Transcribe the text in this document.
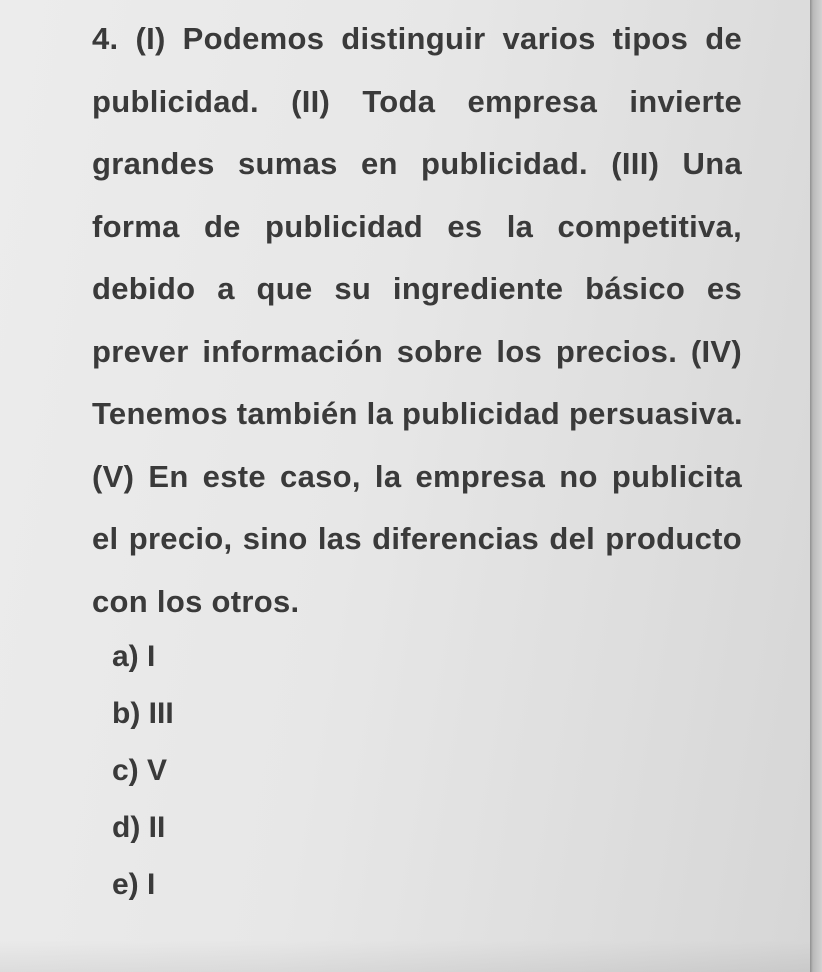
4. (I) Podemos distinguir varios tipos de
publicidad. (II) Toda empresa invierte
grandes sumas en publicidad. (III) Una
forma de publicidad es la competitiva,
debido a que su ingrediente básico es
prever información sobre los precios. (IV)
Tenemos también la publicidad persuasiva.
(V) En este caso, la empresa no publicita
el precio, sino las diferencias del producto
con los otros.
a) I
b) III
c) V
d) II
e) I
